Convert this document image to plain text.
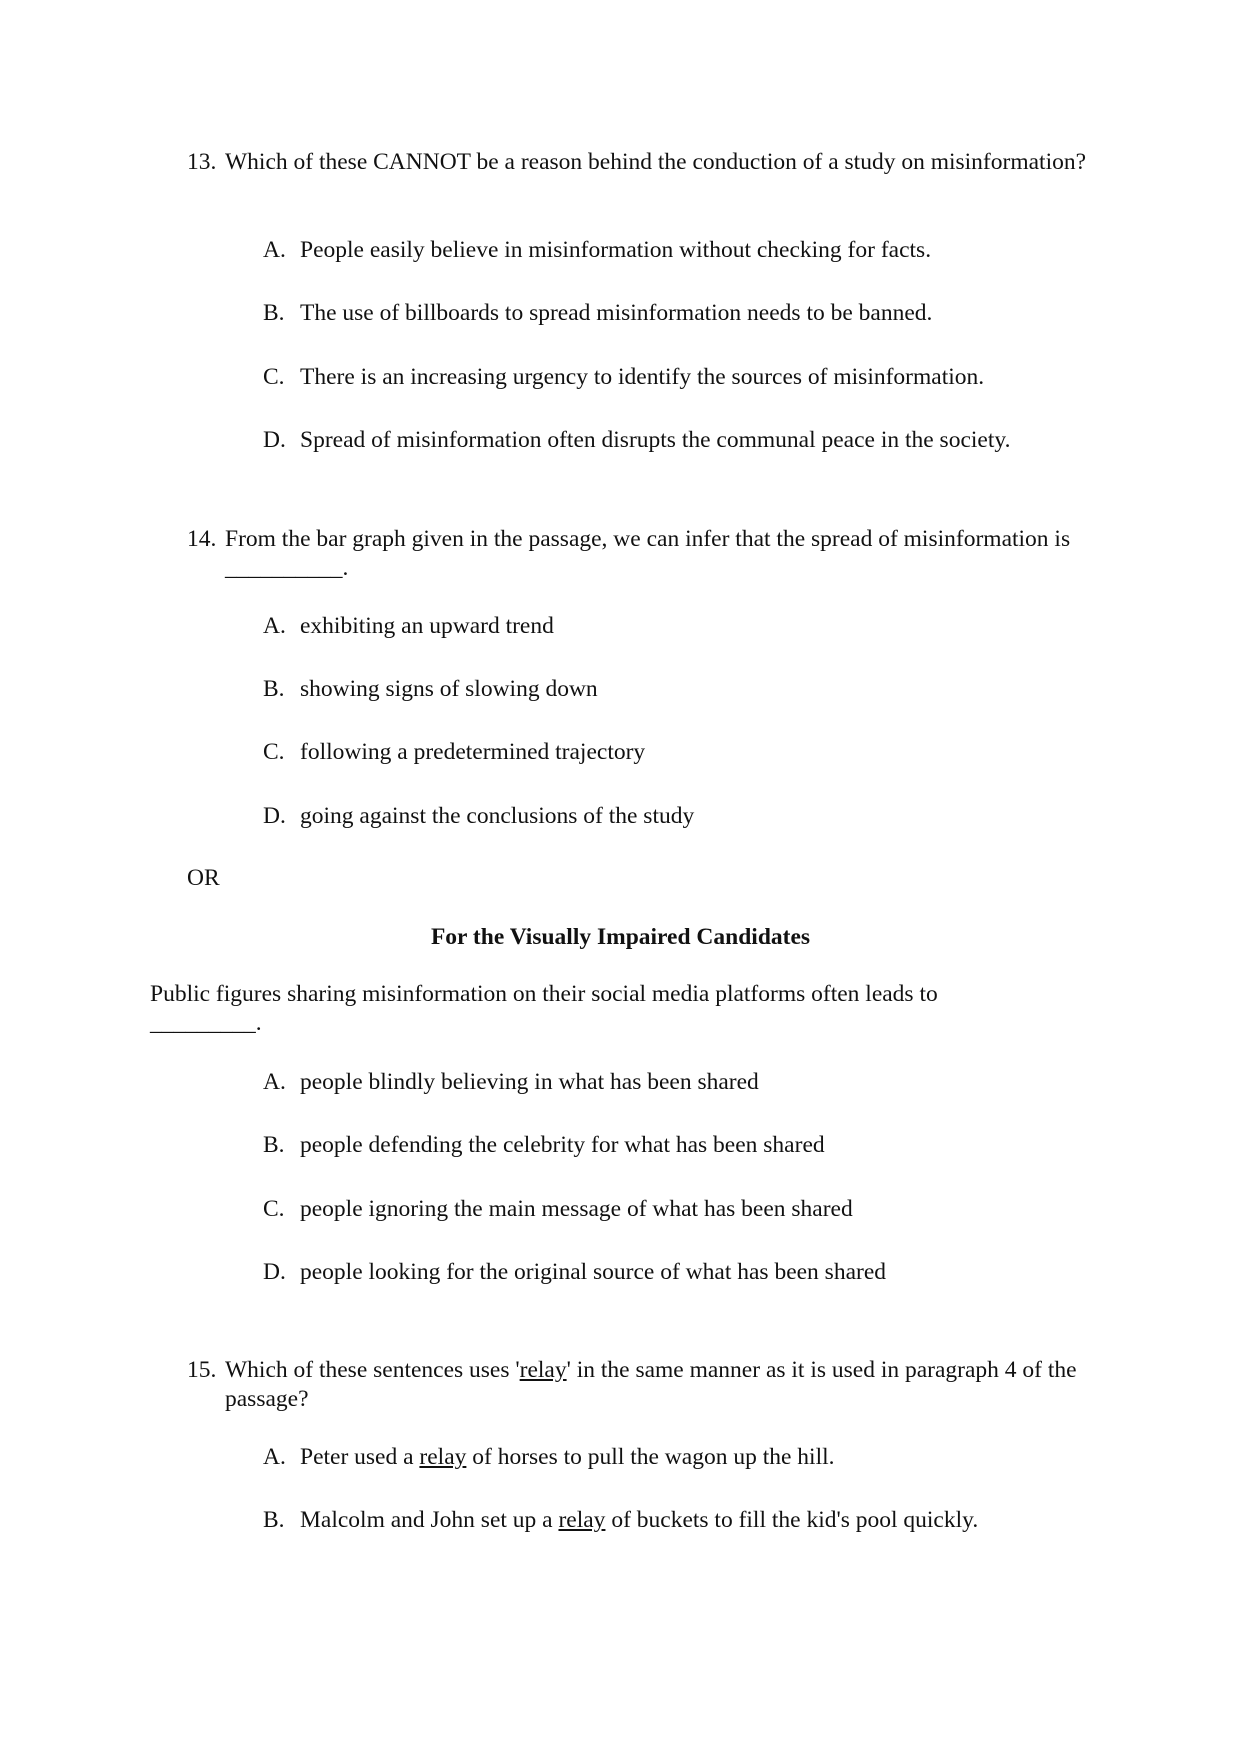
13. Which of these CANNOT be a reason behind the conduction of a study on misinformation?
A. People easily believe in misinformation without checking for facts.
B. The use of billboards to spread misinformation needs to be banned.
C. There is an increasing urgency to identify the sources of misinformation.
D. Spread of misinformation often disrupts the communal peace in the society.
14. From the bar graph given in the passage, we can infer that the spread of misinformation is __________.
A. exhibiting an upward trend
B. showing signs of slowing down
C. following a predetermined trajectory
D. going against the conclusions of the study
OR
For the Visually Impaired Candidates
Public figures sharing misinformation on their social media platforms often leads to _________.
A. people blindly believing in what has been shared
B. people defending the celebrity for what has been shared
C. people ignoring the main message of what has been shared
D. people looking for the original source of what has been shared
15. Which of these sentences uses 'relay' in the same manner as it is used in paragraph 4 of the passage?
A. Peter used a relay of horses to pull the wagon up the hill.
B. Malcolm and John set up a relay of buckets to fill the kid's pool quickly.
